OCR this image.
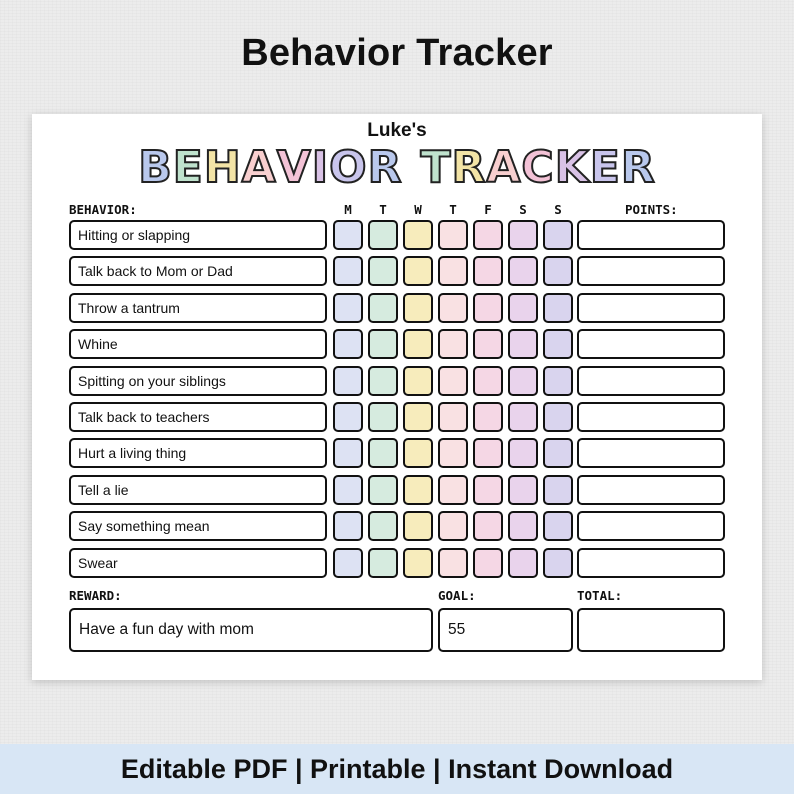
Behavior Tracker
Luke's
B E H A V I O R T R A C K E R
BEHAVIOR:	M	T	W	T	F	S	S	POINTS:
Hitting or slapping
Talk back to Mom or Dad
Throw a tantrum
Whine
Spitting on your siblings
Talk back to teachers
Hurt a living thing
Tell a lie
Say something mean
Swear
REWARD:	GOAL:	TOTAL:
Have a fun day with mom	55
Editable PDF | Printable | Instant Download
